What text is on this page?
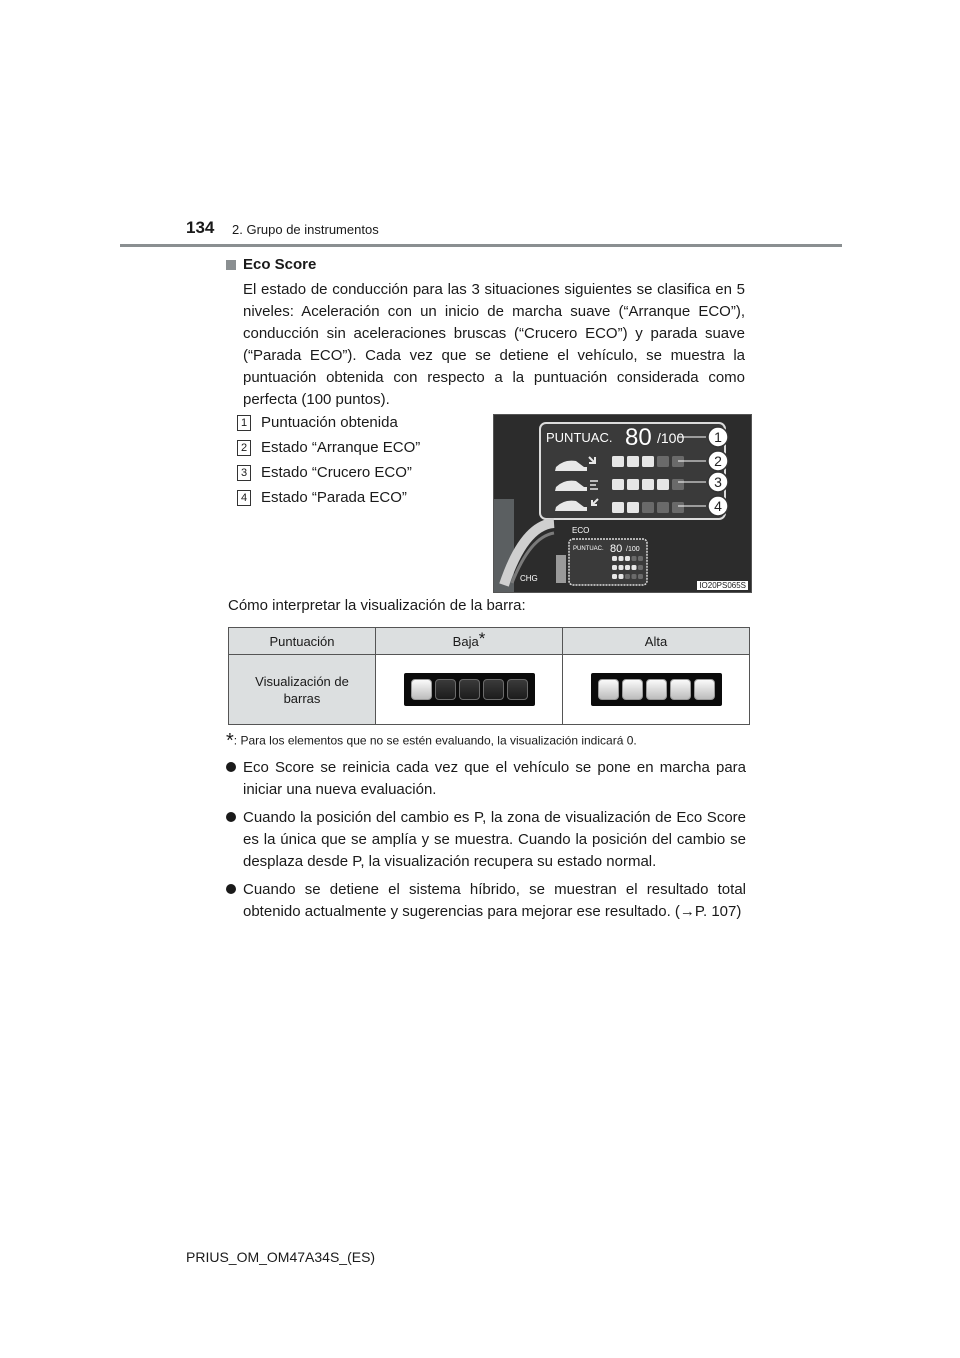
134 2. Grupo de instrumentos
Eco Score
El estado de conducción para las 3 situaciones siguientes se clasifica en 5 niveles: Aceleración con un inicio de marcha suave (“Arranque ECO”), conducción sin aceleraciones bruscas (“Crucero ECO”) y parada suave (“Parada ECO”). Cada vez que se detiene el vehículo, se muestra la puntuación obtenida con respecto a la puntuación considerada como perfecta (100 puntos).
1 Puntuación obtenida
2 Estado “Arranque ECO”
3 Estado “Crucero ECO”
4 Estado “Parada ECO”
PUNTUAC. 80 /100 1
2
3
4
ECO
CHG
PUNTUAC. 80 /100
IO20PS065S
Cómo interpretar la visualización de la barra:
Puntuación	Baja*	Alta
Visualización de
barras	

*: Para los elementos que no se estén evaluando, la visualización indicará 0.
Eco Score se reinicia cada vez que el vehículo se pone en marcha para iniciar una nueva evaluación.
Cuando la posición del cambio es P, la zona de visualización de Eco Score es la única que se amplía y se muestra. Cuando la posición del cambio se desplaza desde P, la visualización recupera su estado normal.
Cuando se detiene el sistema híbrido, se muestran el resultado total obtenido actualmente y sugerencias para mejorar ese resultado. (→P. 107)
PRIUS_OM_OM47A34S_(ES)
